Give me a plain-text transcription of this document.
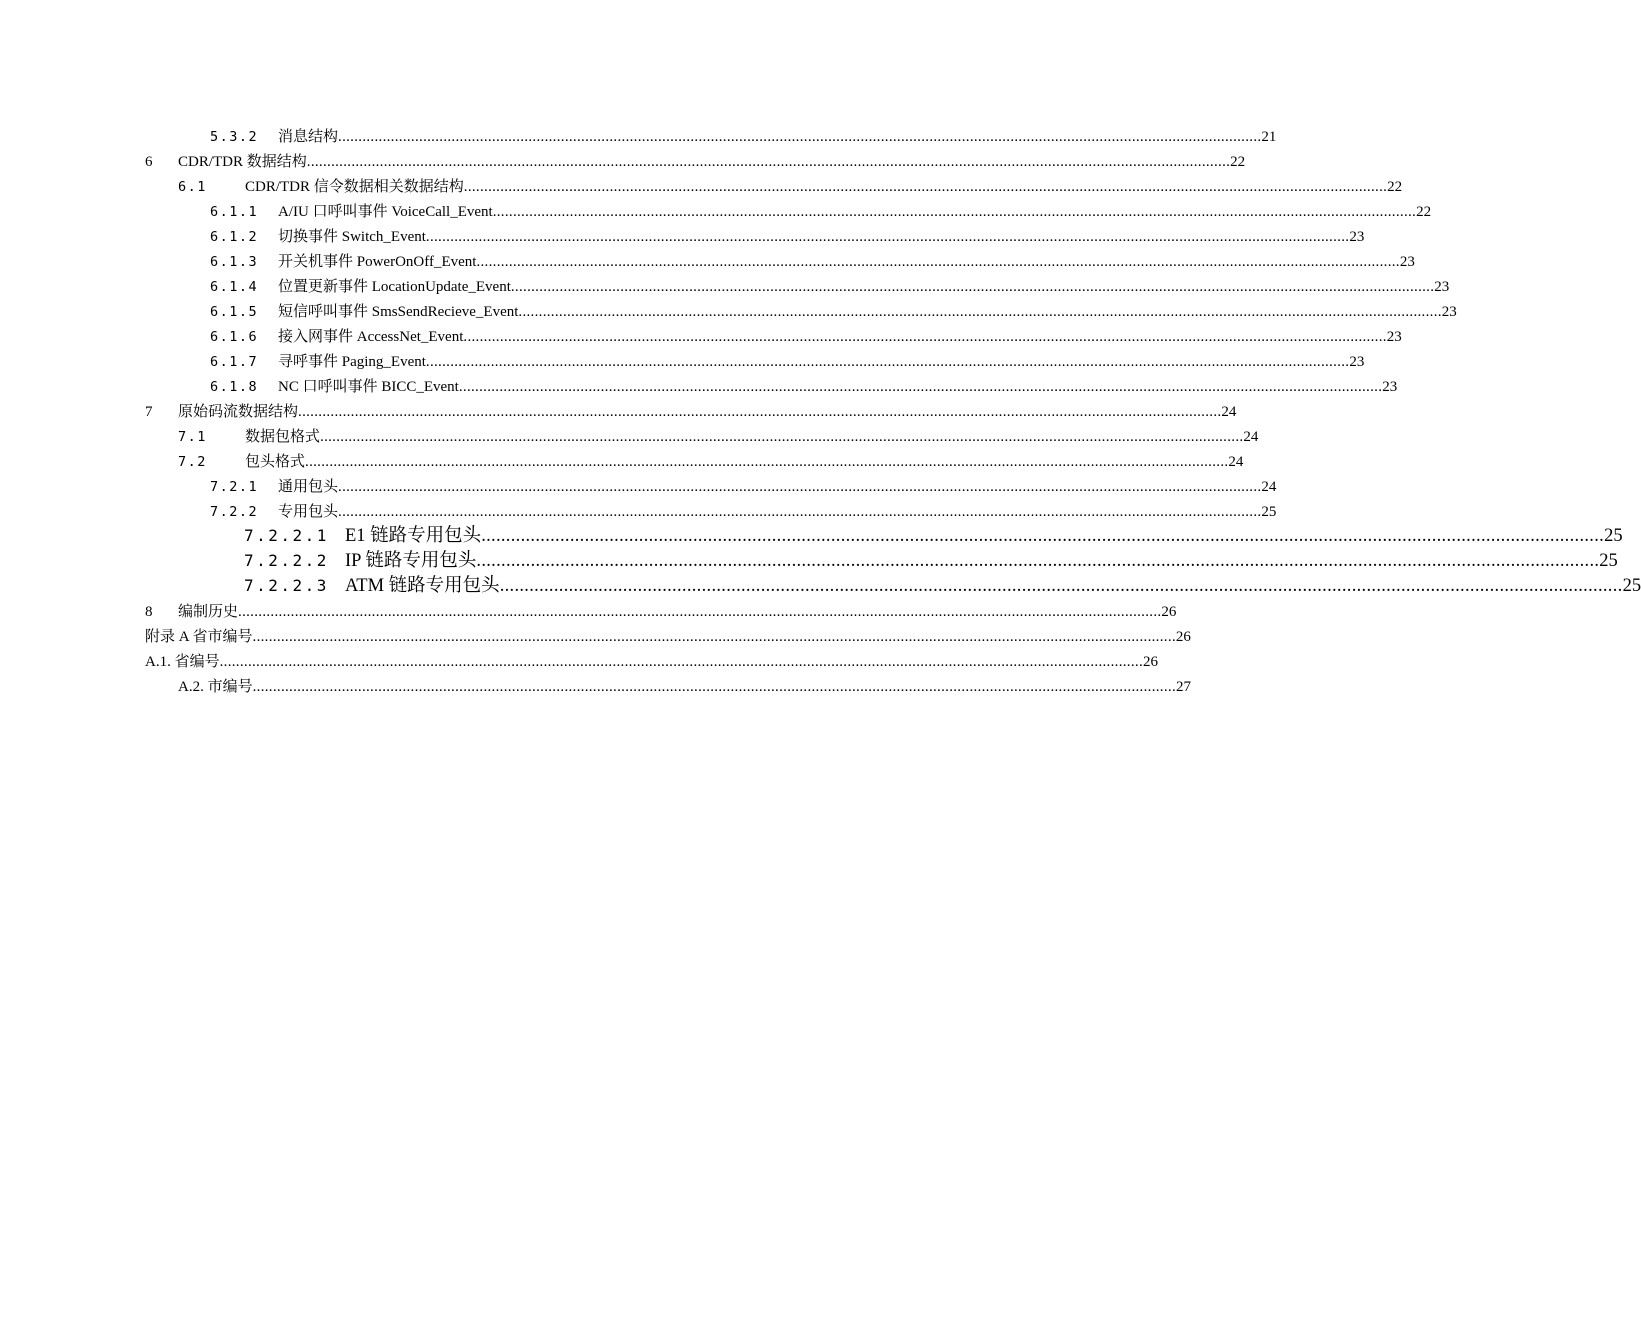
5.3.2 消息结构 .................................................................................................................................................................................................................................... 21
6 CDR/TDR 数据结构 .................................................................................................................................................................................................................................... 22
6.1	CDR/TDR 信令数据相关数据结构 .................................................................................................................................................................................................................................... 22
6.1.1 A/IU 口呼叫事件 VoiceCall_Event .................................................................................................................................................................................................................................... 22
6.1.2 切换事件 Switch_Event .................................................................................................................................................................................................................................... 23
6.1.3 开关机事件 PowerOnOff_Event .................................................................................................................................................................................................................................... 23
6.1.4 位置更新事件 LocationUpdate_Event .................................................................................................................................................................................................................................... 23
6.1.5 短信呼叫事件 SmsSendRecieve_Event .................................................................................................................................................................................................................................... 23
6.1.6 接入网事件 AccessNet_Event .................................................................................................................................................................................................................................... 23
6.1.7 寻呼事件 Paging_Event .................................................................................................................................................................................................................................... 23
6.1.8 NC 口呼叫事件 BICC_Event .................................................................................................................................................................................................................................... 23
7 原始码流数据结构 .................................................................................................................................................................................................................................... 24
7.1	数据包格式 .................................................................................................................................................................................................................................... 24
7.2	包头格式 .................................................................................................................................................................................................................................... 24
7.2.1 通用包头 .................................................................................................................................................................................................................................... 24
7.2.2 专用包头 .................................................................................................................................................................................................................................... 25
7.2.2.1 E1 链路专用包头 .................................................................................................................................................................................................................................... 25
7.2.2.2 IP 链路专用包头 .................................................................................................................................................................................................................................... 25
7.2.2.3 ATM 链路专用包头 .................................................................................................................................................................................................................................... 25
8 编制历史 .................................................................................................................................................................................................................................... 26
附录 A 省市编号 .................................................................................................................................................................................................................................... 26
A.1. 省编号 .................................................................................................................................................................................................................................... 26
A.2. 市编号 .................................................................................................................................................................................................................................... 27
